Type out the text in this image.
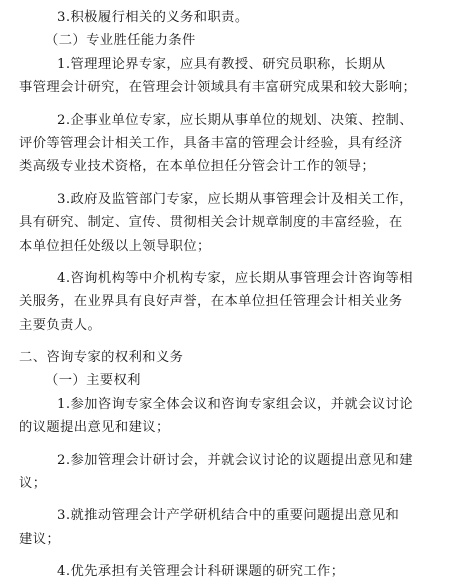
3.积极履行相关的义务和职责。
（二）专业胜任能力条件
1.管理理论界专家，应具有教授、研究员职称，长期从
事管理会计研究，在管理会计领域具有丰富研究成果和较大影响；
2.企事业单位专家，应长期从事单位的规划、决策、控制、
评价等管理会计相关工作，具备丰富的管理会计经验，具有经济
类高级专业技术资格，在本单位担任分管会计工作的领导；
3.政府及监管部门专家，应长期从事管理会计及相关工作，
具有研究、制定、宣传、贯彻相关会计规章制度的丰富经验，在
本单位担任处级以上领导职位；
4.咨询机构等中介机构专家，应长期从事管理会计咨询等相
关服务，在业界具有良好声誉，在本单位担任管理会计相关业务
主要负责人。
二、咨询专家的权利和义务
（一）主要权利
1.参加咨询专家全体会议和咨询专家组会议，并就会议讨论
的议题提出意见和建议；
2.参加管理会计研讨会，并就会议讨论的议题提出意见和建
议；
3.就推动管理会计产学研机结合中的重要问题提出意见和
建议；
4.优先承担有关管理会计科研课题的研究工作；
